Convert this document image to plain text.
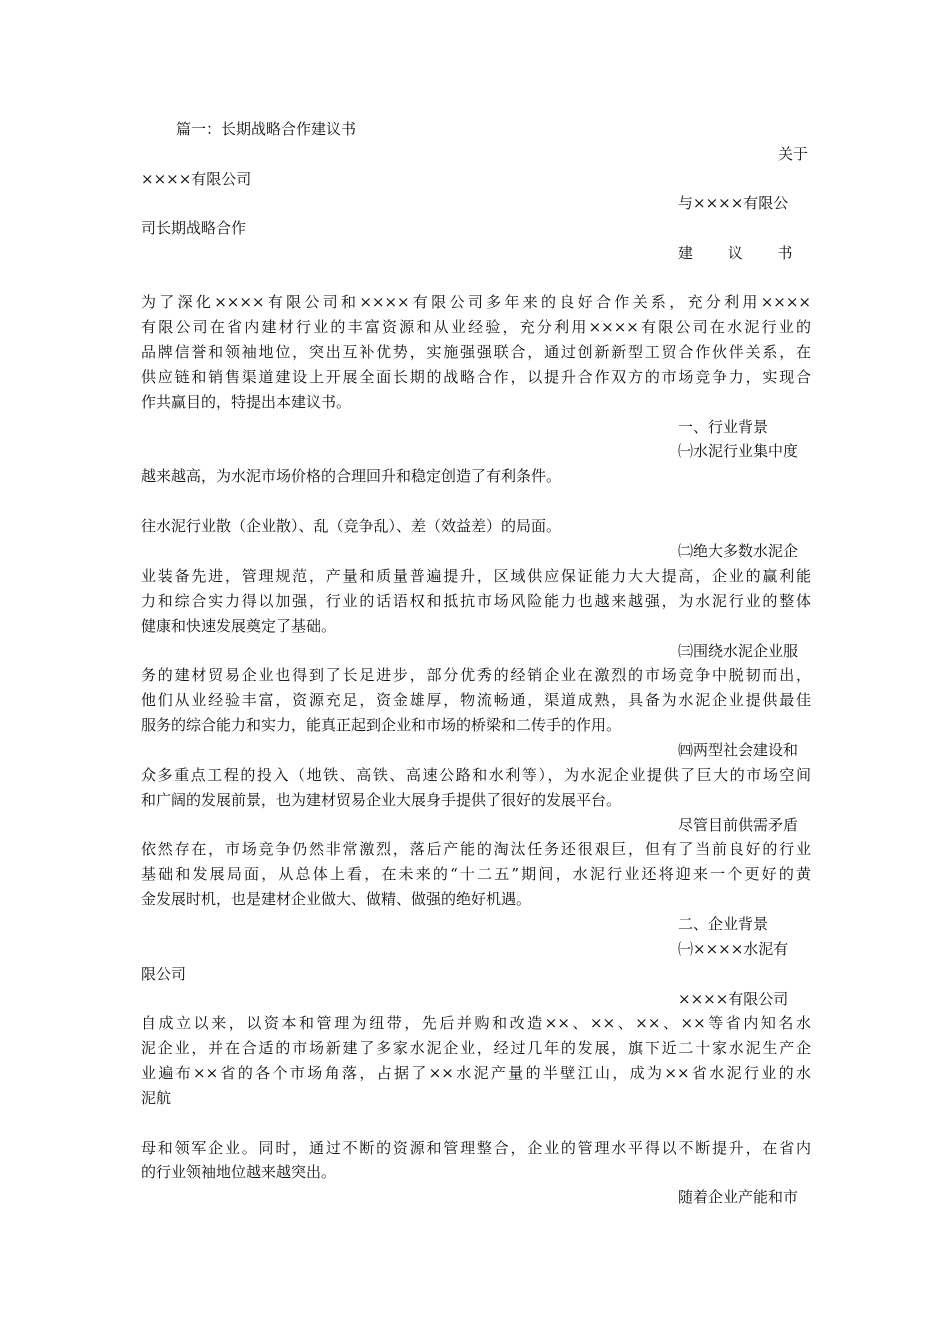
篇一：长期战略合作建议书
关于
××××有限公司
与××××有限公
司长期战略合作
建 议 书
为了深化××××有限公司和××××有限公司多年来的良好合作关系，充分利用××××
有限公司在省内建材行业的丰富资源和从业经验，充分利用××××有限公司在水泥行业的
品牌信誉和领袖地位，突出互补优势，实施强强联合，通过创新新型工贸合作伙伴关系，在
供应链和销售渠道建设上开展全面长期的战略合作，以提升合作双方的市场竞争力，实现合
作共赢目的，特提出本建议书。
一、行业背景
㈠水泥行业集中度
越来越高，为水泥市场价格的合理回升和稳定创造了有利条件。
往水泥行业散（企业散）、乱（竞争乱）、差（效益差）的局面。
㈡绝大多数水泥企
业装备先进，管理规范，产量和质量普遍提升，区域供应保证能力大大提高，企业的赢利能
力和综合实力得以加强，行业的话语权和抵抗市场风险能力也越来越强，为水泥行业的整体
健康和快速发展奠定了基础。
㈢围绕水泥企业服
务的建材贸易企业也得到了长足进步，部分优秀的经销企业在激烈的市场竞争中脱韧而出，
他们从业经验丰富，资源充足，资金雄厚，物流畅通，渠道成熟，具备为水泥企业提供最佳
服务的综合能力和实力，能真正起到企业和市场的桥梁和二传手的作用。
㈣两型社会建设和
众多重点工程的投入（地铁、高铁、高速公路和水利等），为水泥企业提供了巨大的市场空间
和广阔的发展前景，也为建材贸易企业大展身手提供了很好的发展平台。
尽管目前供需矛盾
依然存在，市场竞争仍然非常激烈，落后产能的淘汰任务还很艰巨，但有了当前良好的行业
基础和发展局面，从总体上看，在未来的“十二五”期间，水泥行业还将迎来一个更好的黄
金发展时机，也是建材企业做大、做精、做强的绝好机遇。
二、企业背景
㈠××××水泥有
限公司
××××有限公司
自成立以来，以资本和管理为纽带，先后并购和改造××、××、××、××等省内知名水
泥企业，并在合适的市场新建了多家水泥企业，经过几年的发展，旗下近二十家水泥生产企
业遍布××省的各个市场角落，占据了××水泥产量的半壁江山，成为××省水泥行业的水
泥航
母和领军企业。同时，通过不断的资源和管理整合，企业的管理水平得以不断提升，在省内
的行业领袖地位越来越突出。
随着企业产能和市
